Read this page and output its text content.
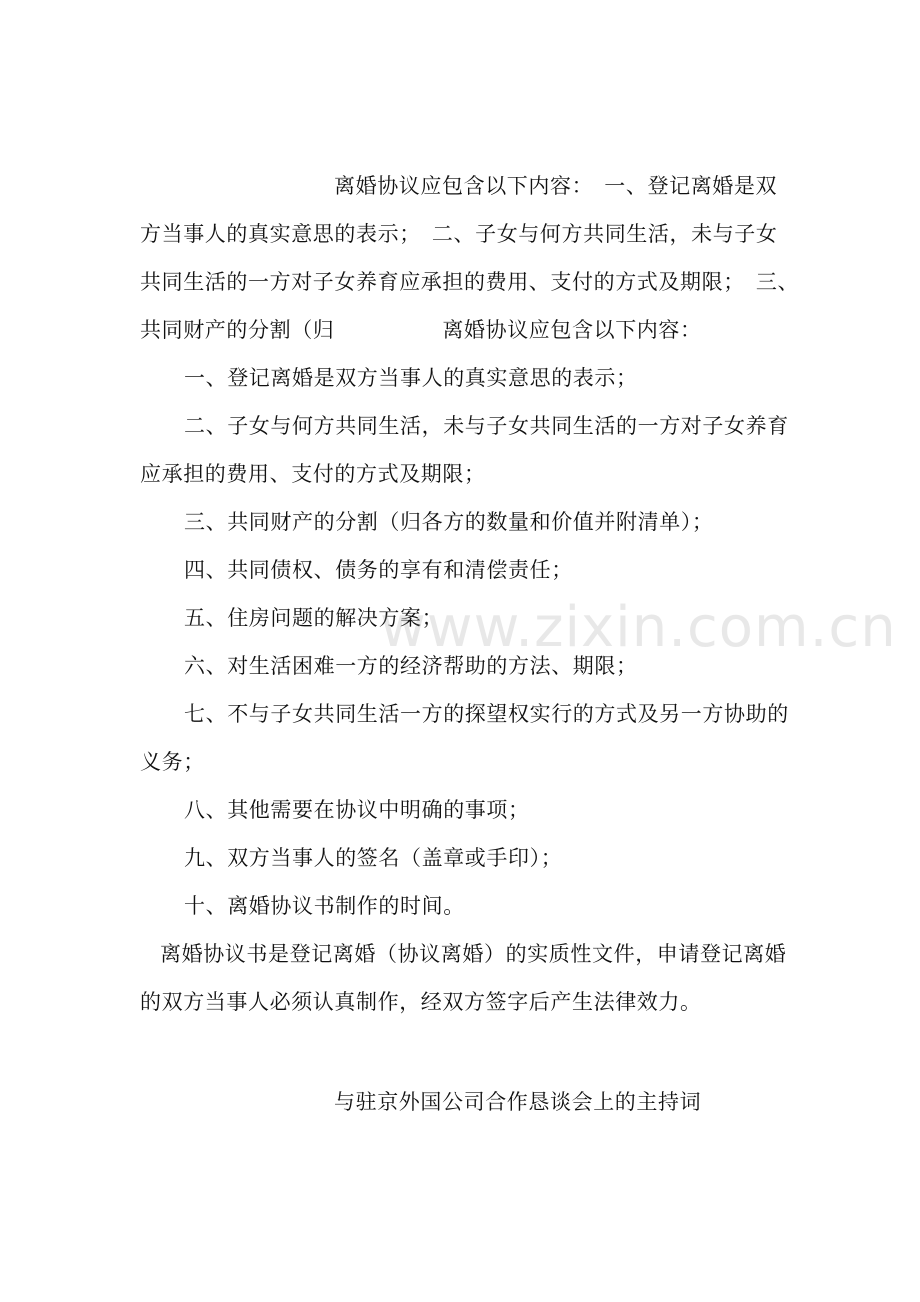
离婚协议应包含以下内容：　一、登记离婚是双
方当事人的真实意思的表示；　二、子女与何方共同生活，未与子女
共同生活的一方对子女养育应承担的费用、支付的方式及期限；　三、
共同财产的分割（归　　　　　离婚协议应包含以下内容：
一、登记离婚是双方当事人的真实意思的表示；
二、子女与何方共同生活，未与子女共同生活的一方对子女养育
应承担的费用、支付的方式及期限；
三、共同财产的分割（归各方的数量和价值并附清单）；
四、共同债权、债务的享有和清偿责任；
五、住房问题的解决方案；
六、对生活困难一方的经济帮助的方法、期限；
七、不与子女共同生活一方的探望权实行的方式及另一方协助的
义务；
八、其他需要在协议中明确的事项；
九、双方当事人的签名（盖章或手印）；
十、离婚协议书制作的时间。
离婚协议书是登记离婚（协议离婚）的实质性文件，申请登记离婚
的双方当事人必须认真制作，经双方签字后产生法律效力。
与驻京外国公司合作恳谈会上的主持词
www.zixin.com.cn
